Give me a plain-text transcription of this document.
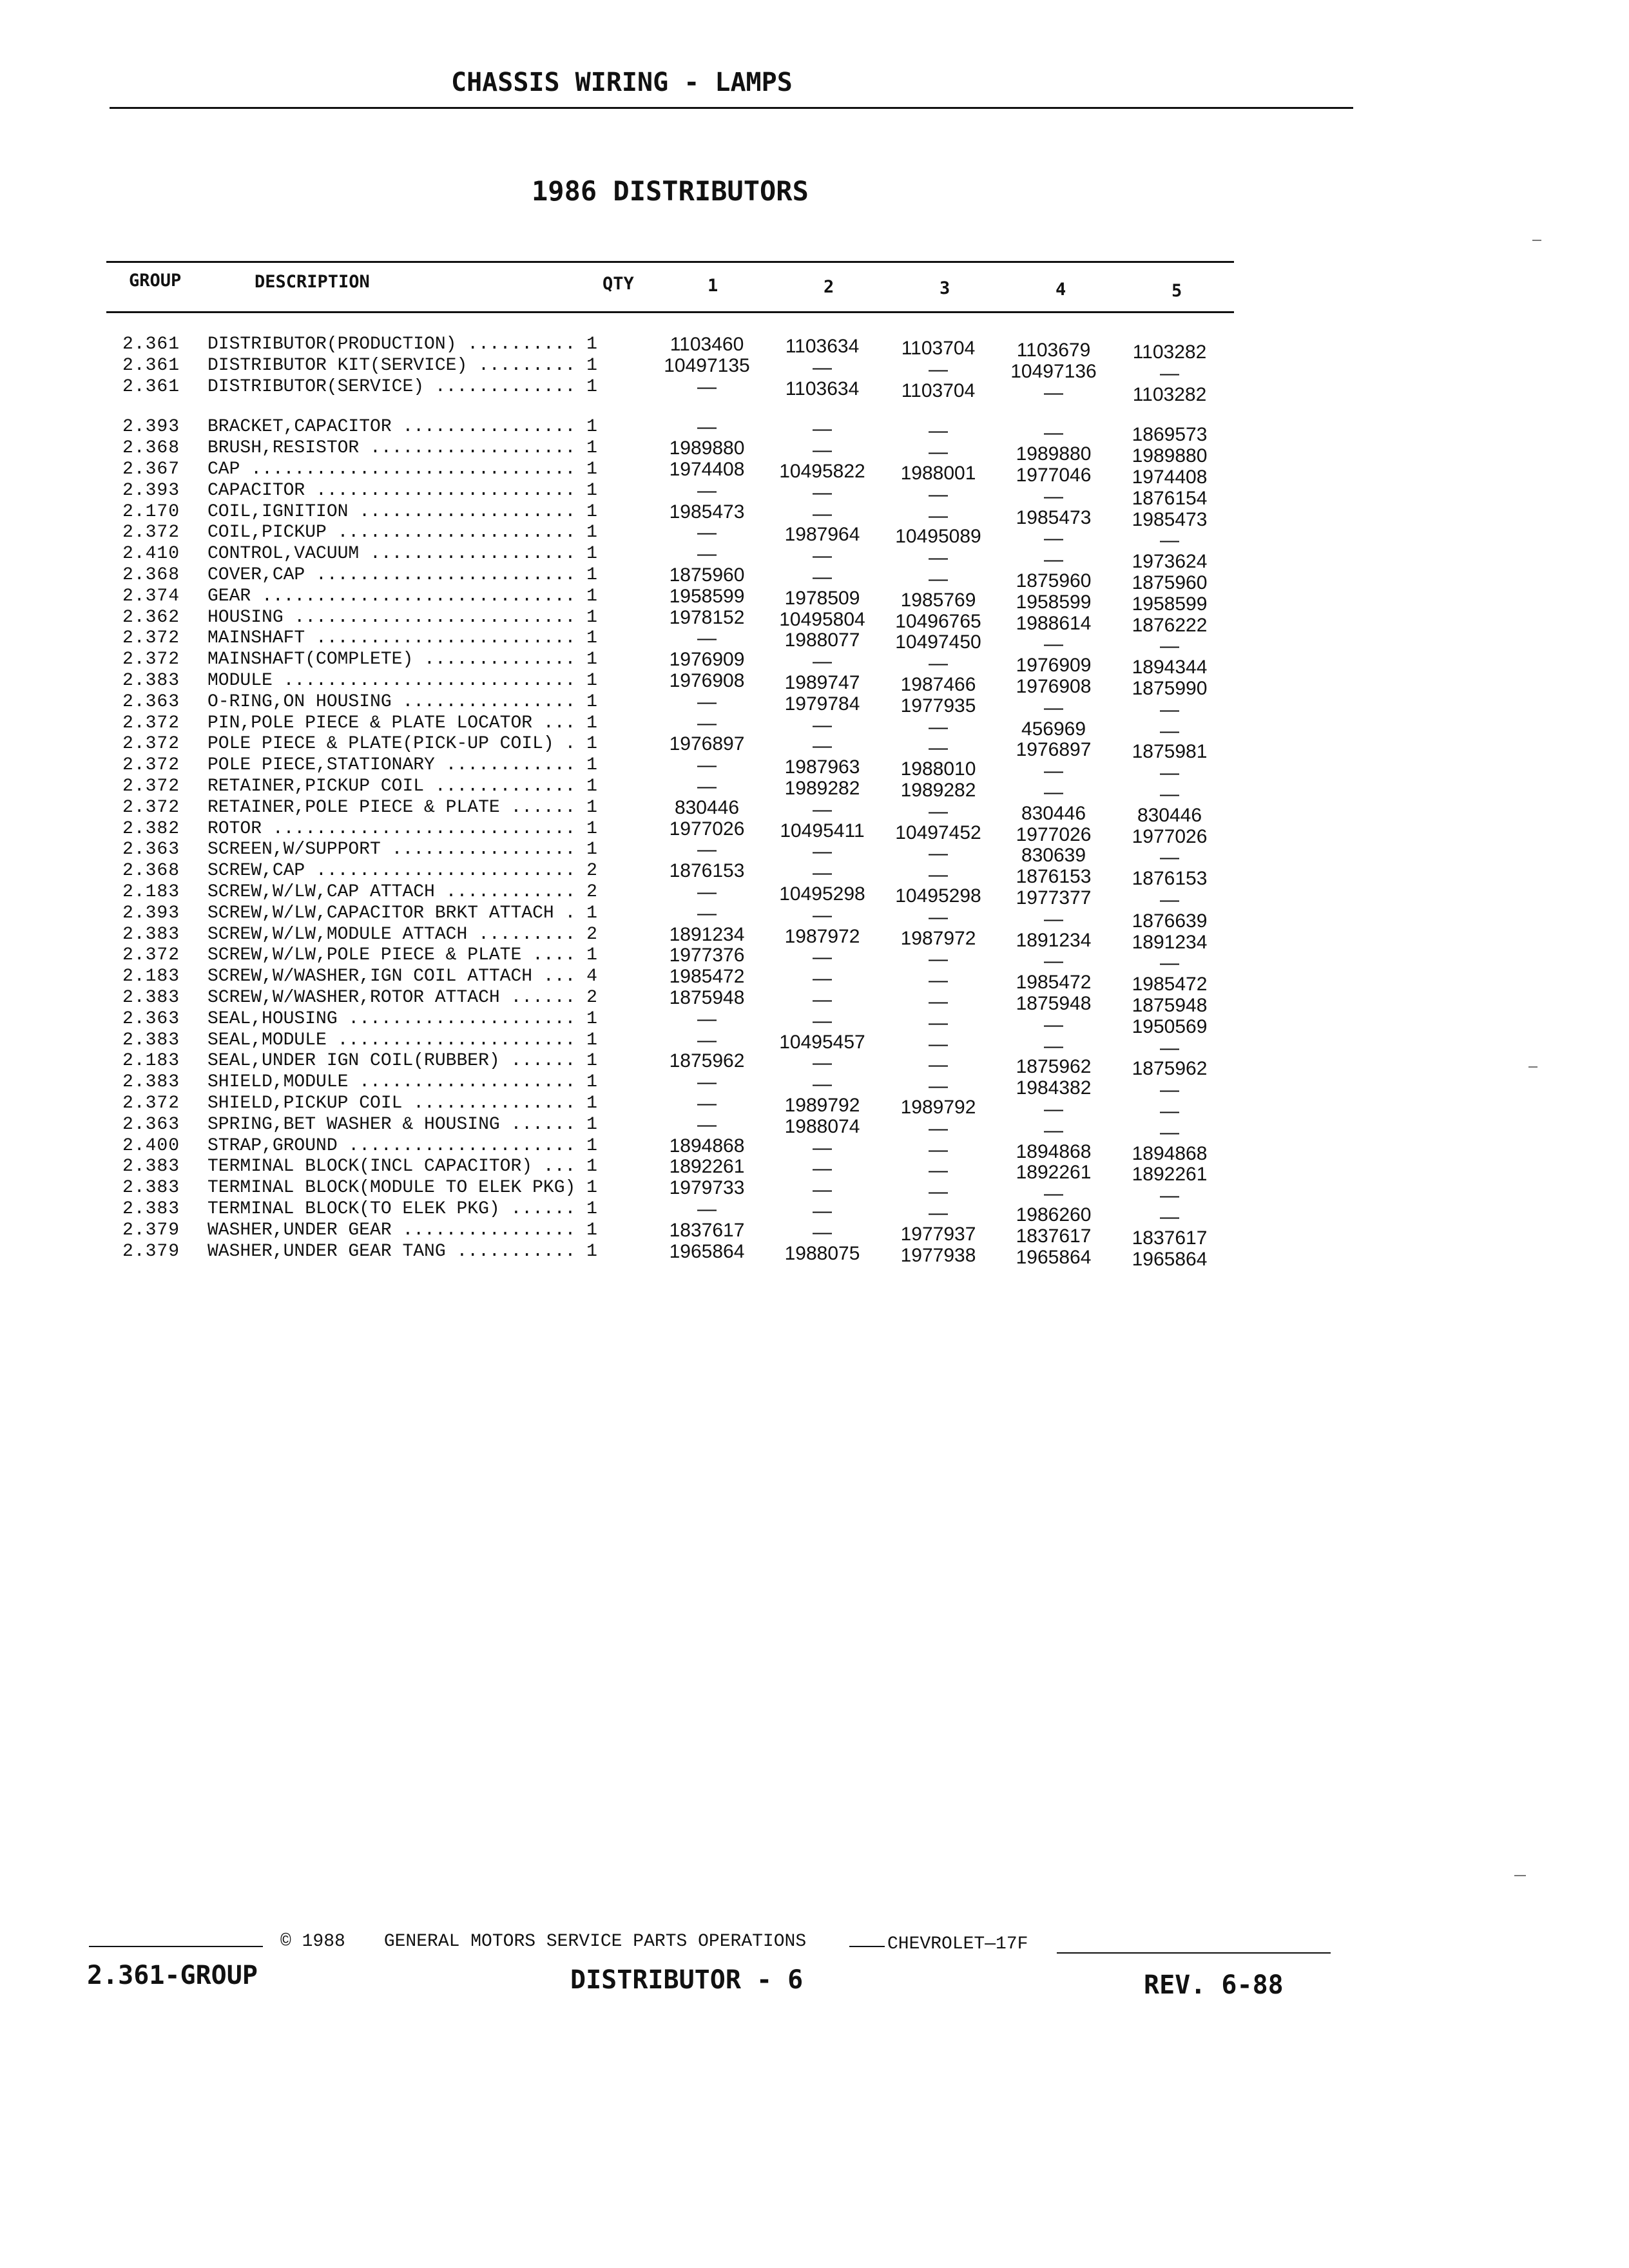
CHASSIS WIRING - LAMPS
1986 DISTRIBUTORS
GROUP	DESCRIPTION	QTY	1	2	3	4	5
2.361 DISTRIBUTOR(PRODUCTION) .......... 1	1103460	1103634	1103704	1103679	1103282
2.361 DISTRIBUTOR KIT(SERVICE) ......... 1	10497135	—	—	10497136	—
2.361 DISTRIBUTOR(SERVICE) ............. 1	—	1103634	1103704	—	1103282
2.393 BRACKET,CAPACITOR ................ 1	—	—	—	—	1869573
2.368 BRUSH,RESISTOR ................... 1	1989880	—	—	1989880	1989880
2.367 CAP .............................. 1	1974408	10495822	1988001	1977046	1974408
2.393 CAPACITOR ........................ 1	—	—	—	—	1876154
2.170 COIL,IGNITION .................... 1	1985473	—	—	1985473	1985473
2.372 COIL,PICKUP ...................... 1	—	1987964	10495089	—	—
2.410 CONTROL,VACUUM ................... 1	—	—	—	—	1973624
2.368 COVER,CAP ........................ 1	1875960	—	—	1875960	1875960
2.374 GEAR ............................. 1	1958599	1978509	1985769	1958599	1958599
2.362 HOUSING .......................... 1	1978152	10495804	10496765	1988614	1876222
2.372 MAINSHAFT ........................ 1	—	1988077	10497450	—	—
2.372 MAINSHAFT(COMPLETE) .............. 1	1976909	—	—	1976909	1894344
2.383 MODULE ........................... 1	1976908	1989747	1987466	1976908	1875990
2.363 O-RING,ON HOUSING ................ 1	—	1979784	1977935	—	—
2.372 PIN,POLE PIECE & PLATE LOCATOR ... 1	—	—	—	456969	—
2.372 POLE PIECE & PLATE(PICK-UP COIL) . 1	1976897	—	—	1976897	1875981
2.372 POLE PIECE,STATIONARY ............ 1	—	1987963	1988010	—	—
2.372 RETAINER,PICKUP COIL ............. 1	—	1989282	1989282	—	—
2.372 RETAINER,POLE PIECE & PLATE ...... 1	830446	—	—	830446	830446
2.382 ROTOR ............................ 1	1977026	10495411	10497452	1977026	1977026
2.363 SCREEN,W/SUPPORT ................. 1	—	—	—	830639	—
2.368 SCREW,CAP ........................ 2	1876153	—	—	1876153	1876153
2.183 SCREW,W/LW,CAP ATTACH ............ 2	—	10495298	10495298	1977377	—
2.393 SCREW,W/LW,CAPACITOR BRKT ATTACH . 1	—	—	—	—	1876639
2.383 SCREW,W/LW,MODULE ATTACH ......... 2	1891234	1987972	1987972	1891234	1891234
2.372 SCREW,W/LW,POLE PIECE & PLATE .... 1	1977376	—	—	—	—
2.183 SCREW,W/WASHER,IGN COIL ATTACH ... 4	1985472	—	—	1985472	1985472
2.383 SCREW,W/WASHER,ROTOR ATTACH ...... 2	1875948	—	—	1875948	1875948
2.363 SEAL,HOUSING ..................... 1	—	—	—	—	1950569
2.383 SEAL,MODULE ...................... 1	—	10495457	—	—	—
2.183 SEAL,UNDER IGN COIL(RUBBER) ...... 1	1875962	—	—	1875962	1875962
2.383 SHIELD,MODULE .................... 1	—	—	—	1984382	—
2.372 SHIELD,PICKUP COIL ............... 1	—	1989792	1989792	—	—
2.363 SPRING,BET WASHER & HOUSING ...... 1	—	1988074	—	—	—
2.400 STRAP,GROUND ..................... 1	1894868	—	—	1894868	1894868
2.383 TERMINAL BLOCK(INCL CAPACITOR) ... 1	1892261	—	—	1892261	1892261
2.383 TERMINAL BLOCK(MODULE TO ELEK PKG) 1	1979733	—	—	—	—
2.383 TERMINAL BLOCK(TO ELEK PKG) ...... 1	—	—	—	1986260	—
2.379 WASHER,UNDER GEAR ................ 1	1837617	—	1977937	1837617	1837617
2.379 WASHER,UNDER GEAR TANG ........... 1	1965864	1988075	1977938	1965864	1965864
© 1988 GENERAL MOTORS SERVICE PARTS OPERATIONS	CHEVROLET—17F
2.361-GROUP	DISTRIBUTOR - 6	REV. 6-88
